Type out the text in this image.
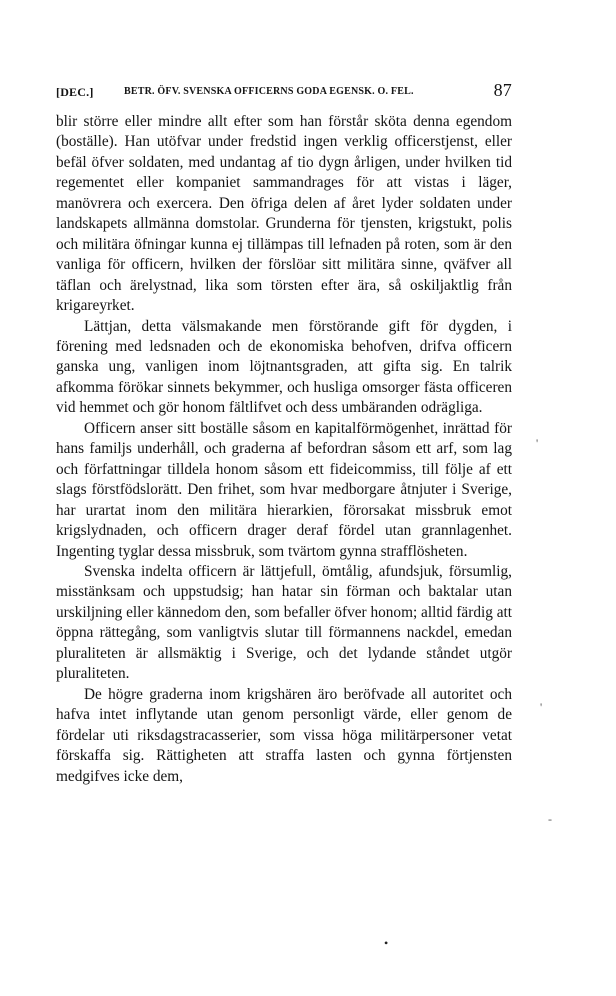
[DEC.]	BETR. ÖFV. SVENSKA OFFICERNS GODA EGENSK. O. FEL.	87

blir större eller mindre allt efter som han förstår sköta denna egendom (boställe). Han utöfvar under fredstid ingen verklig officerstjenst, eller befäl öfver soldaten, med undantag af tio dygn årligen, under hvilken tid regementet eller kompaniet sammandrages för att vistas i läger, manövrera och exercera. Den öfriga delen af året lyder soldaten under landskapets allmänna domstolar. Grunderna för tjensten, krigstukt, polis och militära öfningar kunna ej tillämpas till lefnaden på roten, som är den vanliga för officern, hvilken der förslöar sitt militära sinne, qväfver all täflan och ärelystnad, lika som törsten efter ära, så oskiljaktlig från krigareyrket.

Lättjan, detta välsmakande men förstörande gift för dygden, i förening med ledsnaden och de ekonomiska behofven, drifva officern ganska ung, vanligen inom löjtnantsgraden, att gifta sig. En talrik afkomma förökar sinnets bekymmer, och husliga omsorger fästa officeren vid hemmet och gör honom fältlifvet och dess umbäranden odrägliga.

Officern anser sitt boställe såsom en kapitalförmögenhet, inrättad för hans familjs underhåll, och graderna af befordran såsom ett arf, som lag och författningar tilldela honom såsom ett fideicommiss, till följe af ett slags förstfödslorätt. Den frihet, som hvar medborgare åtnjuter i Sverige, har urartat inom den militära hierarkien, förorsakat missbruk emot krigslydnaden, och officern drager deraf fördel utan grannlagenhet. Ingenting tyglar dessa missbruk, som tvärtom gynna strafflösheten.

Svenska indelta officern är lättjefull, ömtålig, afundsjuk, försumlig, misstänksam och uppstudsig; han hatar sin förman och baktalar utan urskiljning eller kännedom den, som befaller öfver honom; alltid färdig att öppna rättegång, som vanligtvis slutar till förmannens nackdel, emedan pluraliteten är allsmäktig i Sverige, och det lydande ståndet utgör pluraliteten.

De högre graderna inom krigshären äro beröfvade all autoritet och hafva intet inflytande utan genom personligt värde, eller genom de fördelar uti riksdagstracasserier, som vissa höga militärpersoner vetat förskaffa sig. Rättigheten att straffa lasten och gynna förtjensten medgifves icke dem,

'
'
-
•
